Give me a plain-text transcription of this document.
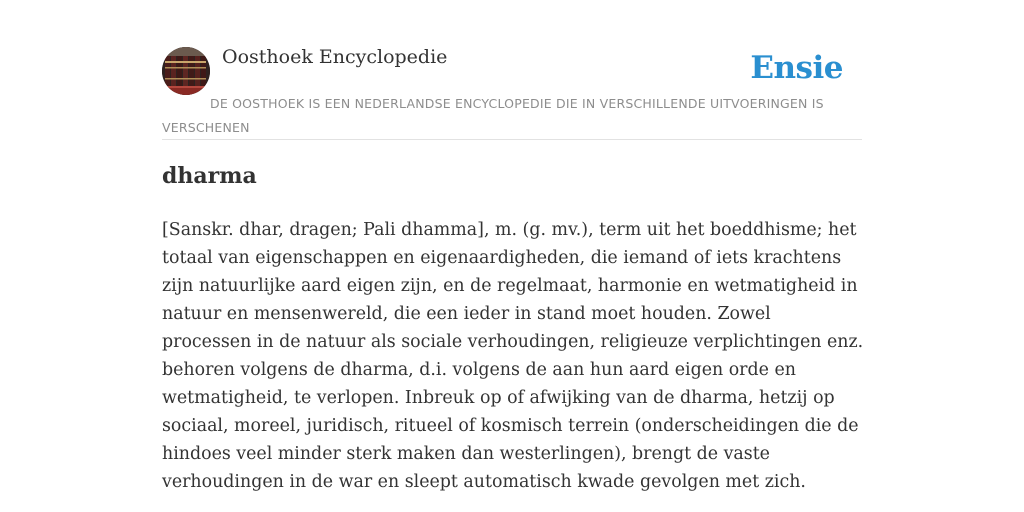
Oosthoek Encyclopedie	Ensie
DE OOSTHOEK IS EEN NEDERLANDSE ENCYCLOPEDIE DIE IN VERSCHILLENDE UITVOERINGEN IS VERSCHENEN
dharma

[Sanskr. dhar, dragen; Pali dhamma], m. (g. mv.), term uit het boeddhisme; het totaal van eigenschappen en eigenaardigheden, die iemand of iets krachtens zijn natuurlijke aard eigen zijn, en de regelmaat, harmonie en wetmatigheid in natuur en mensenwereld, die een ieder in stand moet houden. Zowel processen in de natuur als sociale verhoudingen, religieuze verplichtingen enz. behoren volgens de dharma, d.i. volgens de aan hun aard eigen orde en wetmatigheid, te verlopen. Inbreuk op of afwijking van de dharma, hetzij op sociaal, moreel, juridisch, ritueel of kosmisch terrein (onderscheidingen die de hindoes veel minder sterk maken dan westerlingen), brengt de vaste verhoudingen in de war en sleept automatisch kwade gevolgen met zich.
